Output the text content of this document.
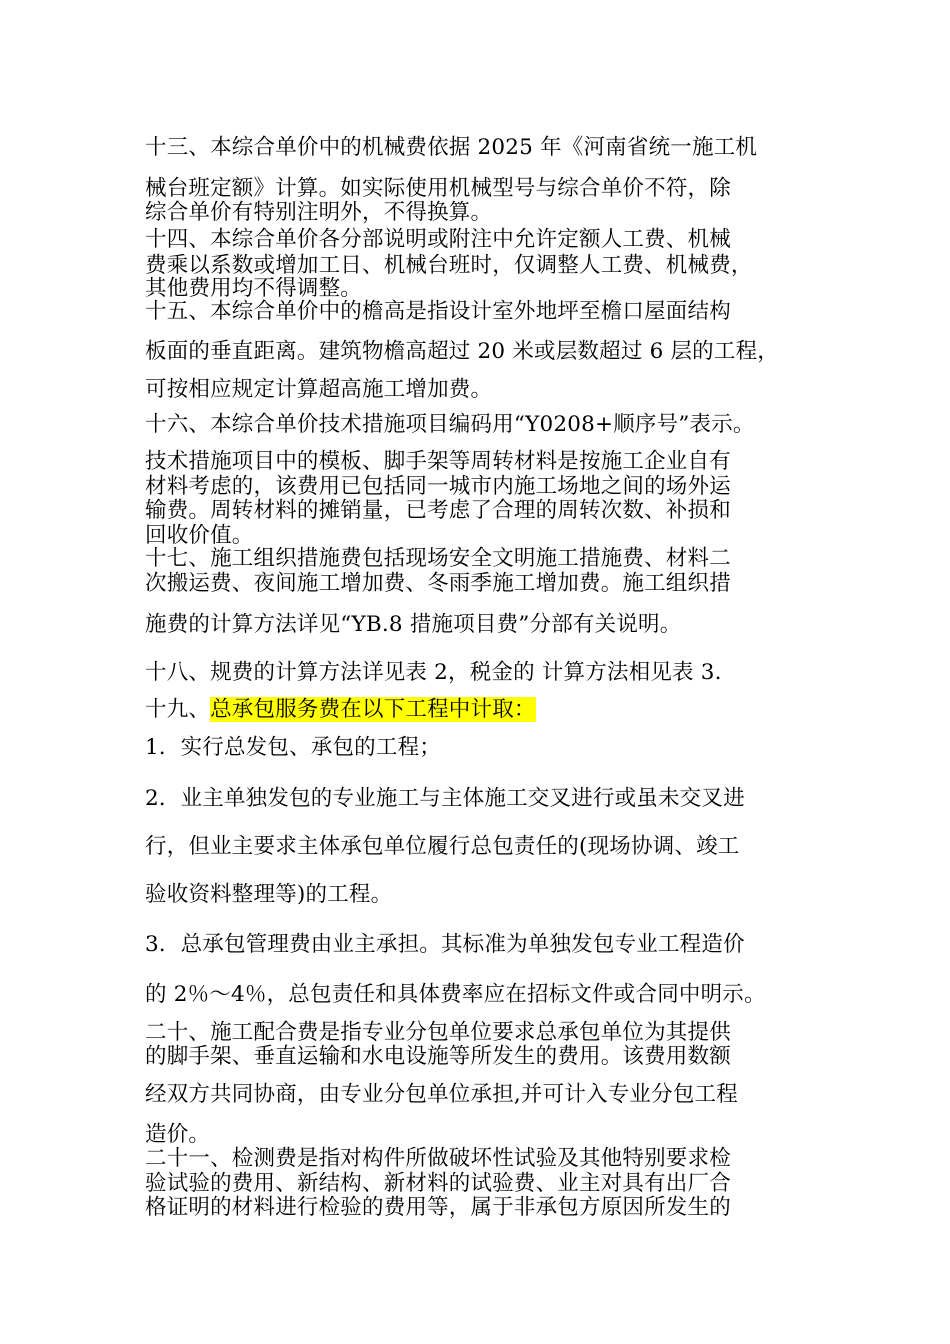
十三、本综合单价中的机械费依据 2025 年《河南省统一施工机
械台班定额》计算。如实际使用机械型号与综合单价不符，除
综合单价有特别注明外，不得换算。
十四、本综合单价各分部说明或附注中允许定额人工费、机械
费乘以系数或增加工日、机械台班时，仅调整人工费、机械费，
其他费用均不得调整。
十五、本综合单价中的檐高是指设计室外地坪至檐口屋面结构
板面的垂直距离。建筑物檐高超过 20 米或层数超过 6 层的工程，
可按相应规定计算超高施工增加费。
十六、本综合单价技术措施项目编码用“Y0208+顺序号”表示。
技术措施项目中的模板、脚手架等周转材料是按施工企业自有
材料考虑的，该费用已包括同一城市内施工场地之间的场外运
输费。周转材料的摊销量，已考虑了合理的周转次数、补损和
回收价值。
十七、施工组织措施费包括现场安全文明施工措施费、材料二
次搬运费、夜间施工增加费、冬雨季施工增加费。施工组织措
施费的计算方法详见“YB.8 措施项目费”分部有关说明。
十八、规费的计算方法详见表 2，税金的 计算方法相见表 3.
十九、总承包服务费在以下工程中计取：
1．实行总发包、承包的工程；
2．业主单独发包的专业施工与主体施工交叉进行或虽未交叉进
行，但业主要求主体承包单位履行总包责任的(现场协调、竣工
验收资料整理等)的工程。
3．总承包管理费由业主承担。其标准为单独发包专业工程造价
的 2％～4％，总包责任和具体费率应在招标文件或合同中明示。
二十、施工配合费是指专业分包单位要求总承包单位为其提供
的脚手架、垂直运输和水电设施等所发生的费用。该费用数额
经双方共同协商，由专业分包单位承担,并可计入专业分包工程
造价。
二十一、检测费是指对构件所做破坏性试验及其他特别要求检
验试验的费用、新结构、新材料的试验费、业主对具有出厂合
格证明的材料进行检验的费用等，属于非承包方原因所发生的
